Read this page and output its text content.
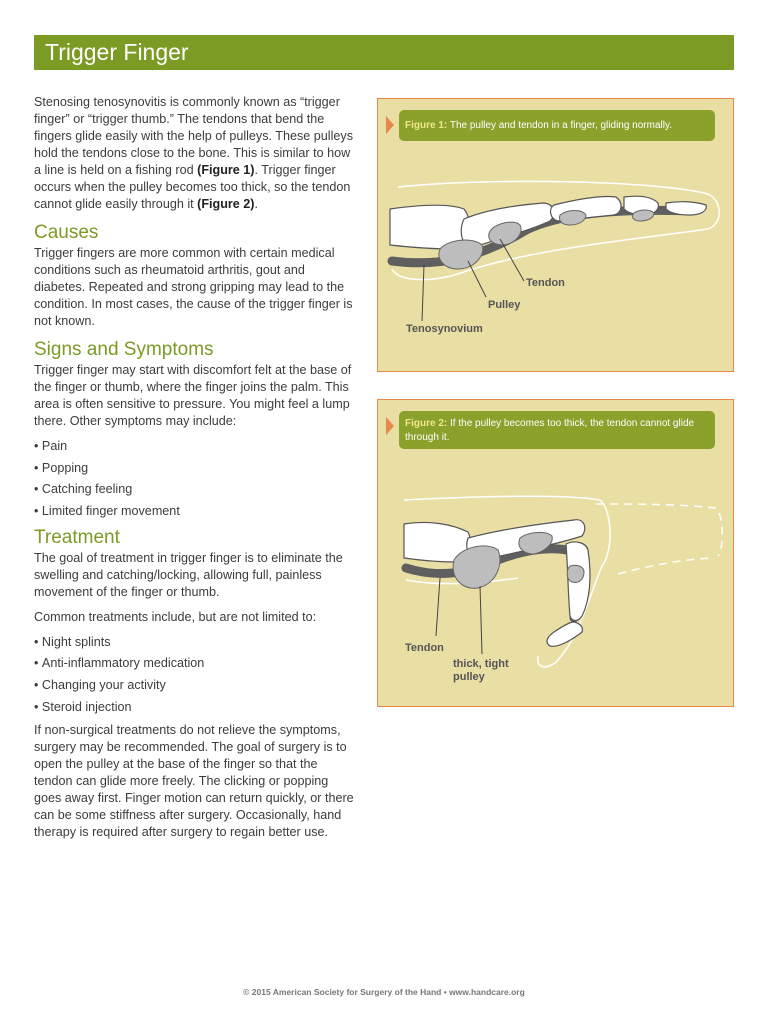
Trigger Finger

Stenosing tenosynovitis is commonly known as “trigger finger” or “trigger thumb.” The tendons that bend the fingers glide easily with the help of pulleys. These pulleys hold the tendons close to the bone. This is similar to how a line is held on a fishing rod (Figure 1). Trigger finger occurs when the pulley becomes too thick, so the tendon cannot glide easily through it (Figure 2).

Causes

Trigger fingers are more common with certain medical conditions such as rheumatoid arthritis, gout and diabetes. Repeated and strong gripping may lead to the condition. In most cases, the cause of the trigger finger is not known.

Signs and Symptoms

Trigger finger may start with discomfort felt at the base of the finger or thumb, where the finger joins the palm. This area is often sensitive to pressure. You might feel a lump there. Other symptoms may include:

• Pain
• Popping
• Catching feeling
• Limited finger movement
Treatment

The goal of treatment in trigger finger is to eliminate the swelling and catching/locking, allowing full, painless movement of the finger or thumb.

Common treatments include, but are not limited to:

• Night splints
• Anti-inflammatory medication
• Changing your activity
• Steroid injection

If non-surgical treatments do not relieve the symptoms, surgery may be recommended. The goal of surgery is to open the pulley at the base of the finger so that the tendon can glide more freely. The clicking or popping goes away first. Finger motion can return quickly, or there can be some stiffness after surgery. Occasionally, hand therapy is required after surgery to regain better use.

Figure 1: The pulley and tendon in a finger, gliding normally.
Tendon
Pulley
Tenosynovium
Figure 2: If the pulley becomes too thick, the tendon cannot glide through it.
Tendon
thick, tight
pulley
© 2015 American Society for Surgery of the Hand • www.handcare.org
